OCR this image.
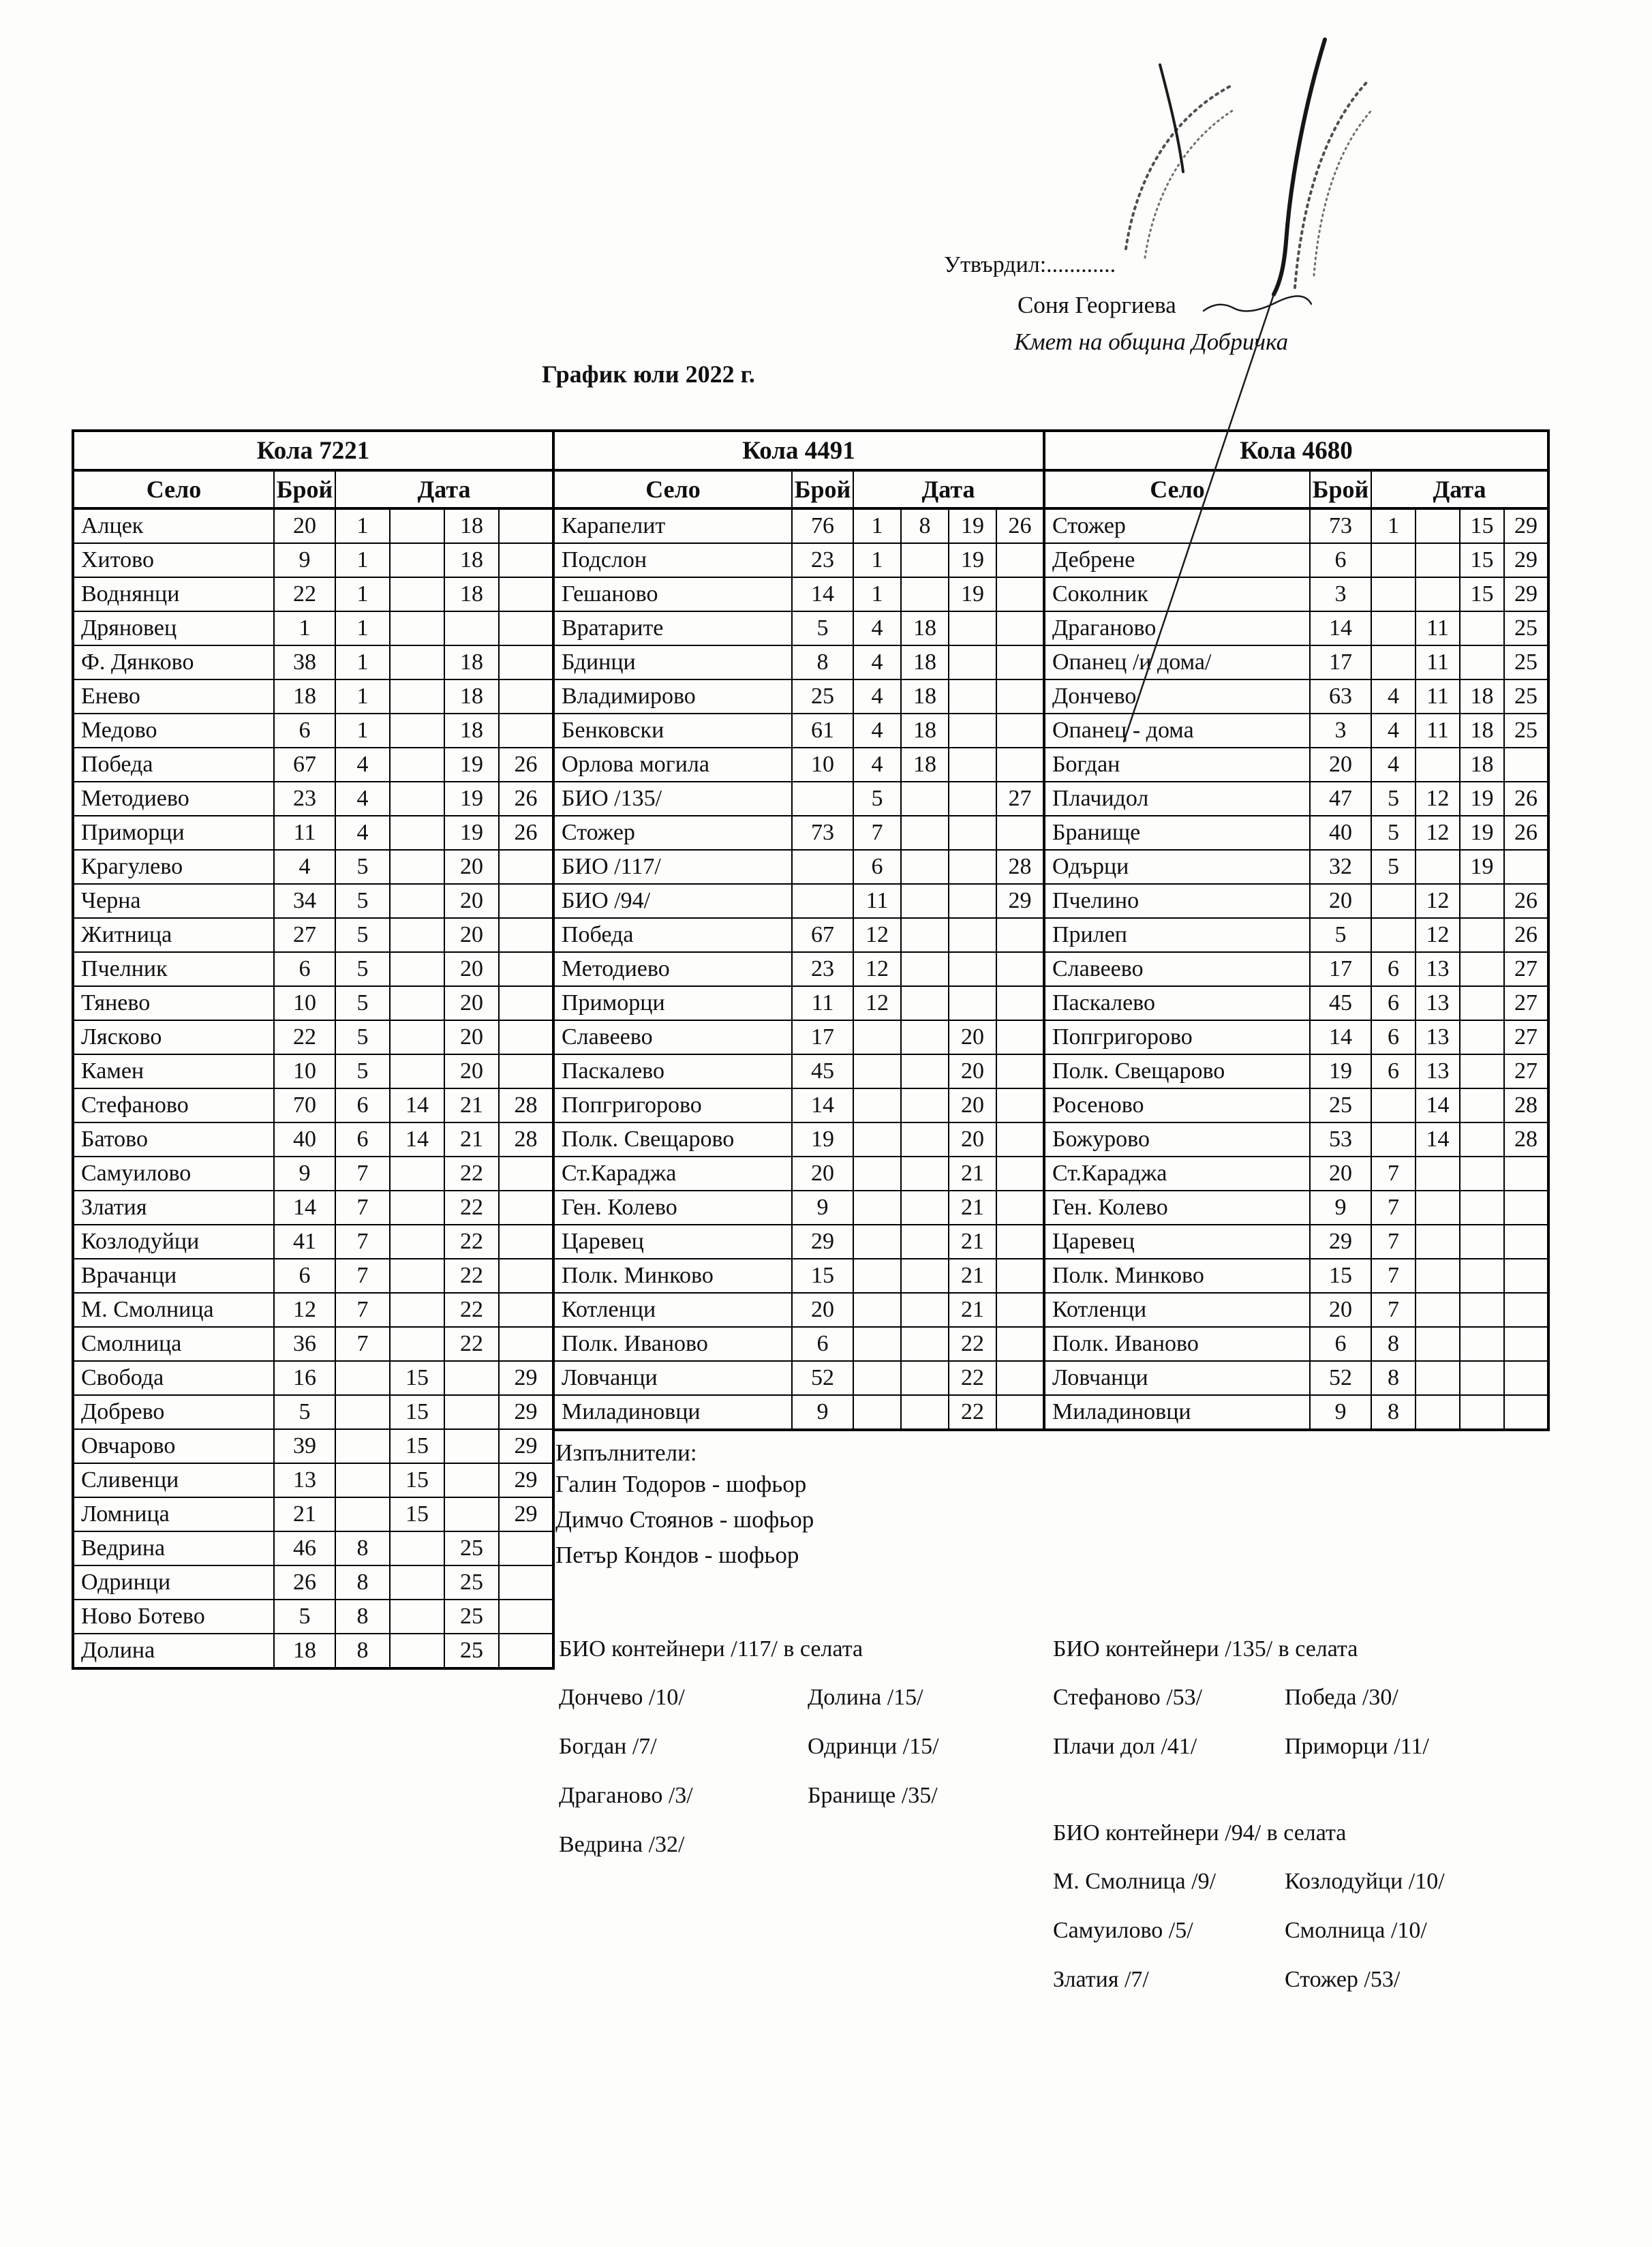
Утвърдил:............
Соня Георгиева
Кмет на община Добричка
График юли 2022 г.
Кола 7221					
Село	Брой	Дата			
Алцек	20	1		18	
Хитово	9	1		18	
Воднянци	22	1		18	
Дряновец	1	1			
Ф. Дянково	38	1		18	
Енево	18	1		18	
Медово	6	1		18	
Победа	67	4		19	26
Методиево	23	4		19	26
Приморци	11	4		19	26
Крагулево	4	5		20	
Черна	34	5		20	
Житница	27	5		20	
Пчелник	6	5		20	
Тянево	10	5		20	
Лясково	22	5		20	
Камен	10	5		20	
Стефаново	70	6	14	21	28
Батово	40	6	14	21	28
Самуилово	9	7		22	
Златия	14	7		22	
Козлодуйци	41	7		22	
Врачанци	6	7		22	
М. Смолница	12	7		22	
Смолница	36	7		22	
Свобода	16		15		29
Добрево	5		15		29
Овчарово	39		15		29
Сливенци	13		15		29
Ломница	21		15		29
Ведрина	46	8		25	
Одринци	26	8		25	
Ново Ботево	5	8		25	
Долина	18	8		25	
Кола 4491					
Село	Брой	Дата			
Карапелит	76	1	8	19	26
Подслон	23	1		19	
Гешаново	14	1		19	
Вратарите	5	4	18		
Бдинци	8	4	18		
Владимирово	25	4	18		
Бенковски	61	4	18		
Орлова могила	10	4	18		
БИО /135/		5			27
Стожер	73	7			
БИО /117/		6			28
БИО /94/		11			29
Победа	67	12			
Методиево	23	12			
Приморци	11	12			
Славеево	17			20	
Паскалево	45			20	
Попгригорово	14			20	
Полк. Свещарово	19			20	
Ст.Караджа	20			21	
Ген. Колево	9			21	
Царевец	29			21	
Полк. Минково	15			21	
Котленци	20			21	
Полк. Иваново	6			22	
Ловчанци	52			22	
Миладиновци	9			22	
Кола 4680					
Село	Брой	Дата			
Стожер	73	1		15	29
Дебрене	6			15	29
Соколник	3			15	29
Драганово	14		11		25
Опанец /и дома/	17		11		25
Дончево	63	4	11	18	25
Опанец - дома	3	4	11	18	25
Богдан	20	4		18	
Плачидол	47	5	12	19	26
Бранище	40	5	12	19	26
Одърци	32	5		19	
Пчелино	20		12		26
Прилеп	5		12		26
Славеево	17	6	13		27
Паскалево	45	6	13		27
Попгригорово	14	6	13		27
Полк. Свещарово	19	6	13		27
Росеново	25		14		28
Божурово	53		14		28
Ст.Караджа	20	7			
Ген. Колево	9	7			
Царевец	29	7			
Полк. Минково	15	7			
Котленци	20	7			
Полк. Иваново	6	8			
Ловчанци	52	8			
Миладиновци	9	8			
Изпълнители:
Галин Тодоров - шофьор
Димчо Стоянов - шофьор
Петър Кондов - шофьор
БИО контейнери /117/ в селата
Дончево /10/	Долина /15/
Богдан /7/	Одринци /15/
Драганово /3/	Бранище /35/
Ведрина /32/
БИО контейнери /135/ в селата
Стефаново /53/	Победа /30/
Плачи дол /41/	Приморци /11/
БИО контейнери /94/ в селата
М. Смолница /9/	Козлодуйци /10/
Самуилово /5/	Смолница /10/
Златия /7/	Стожер /53/
